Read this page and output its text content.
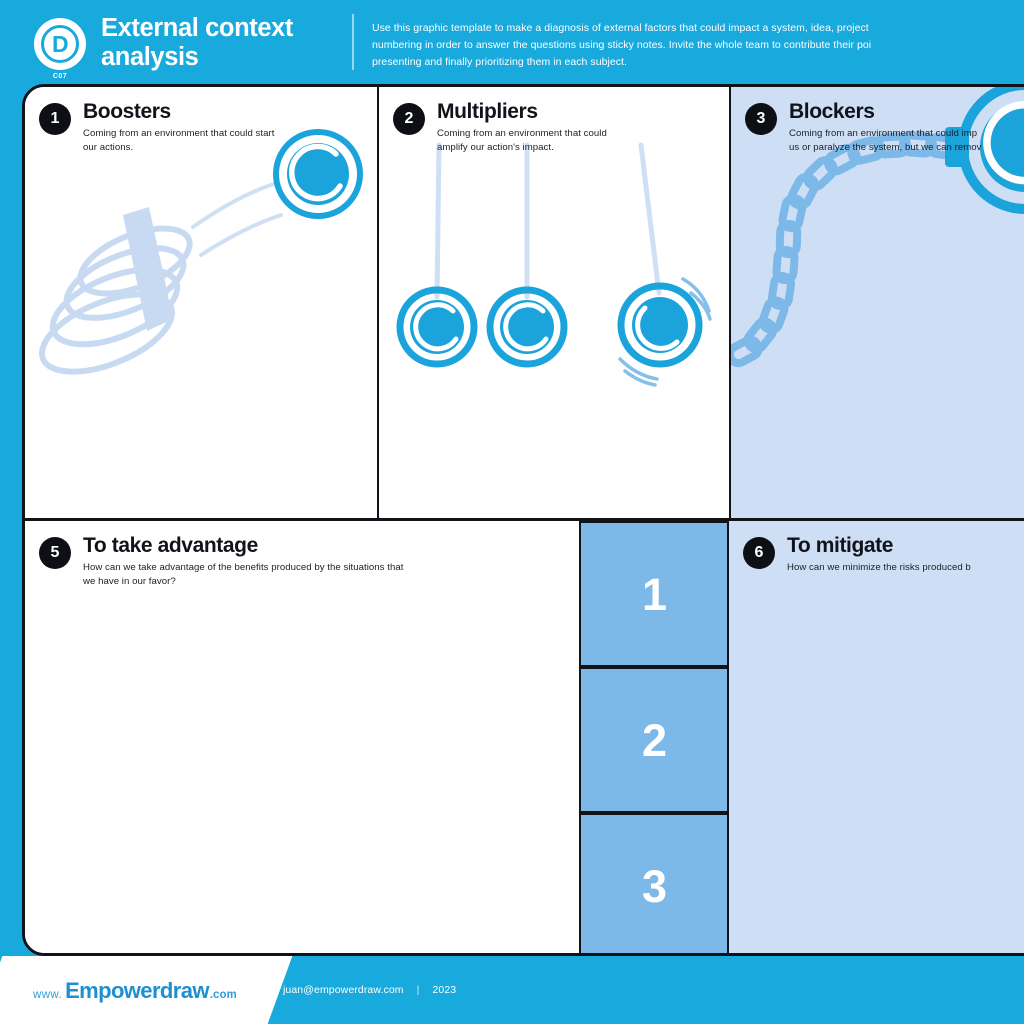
D
C07
External context analysis
Use this graphic template to make a diagnosis of external factors that could impact a system, idea, project
numbering in order to answer the questions using sticky notes. Invite the whole team to contribute their poi
presenting and finally prioritizing them in each subject.
1	Boosters
Coming from an environment that could start
our actions.
2	Multipliers
Coming from an environment that could
amplify our action's impact.
3	Blockers
Coming from an environment that could imp
us or paralyze the system, but we can remov
5	To take advantage
How can we take advantage of the benefits produced by the situations that
we have in our favor?	1
2
3
6	To mitigate
How can we minimize the risks produced b
www. Empowerdraw .com	juan@empowerdraw.com | 2023
